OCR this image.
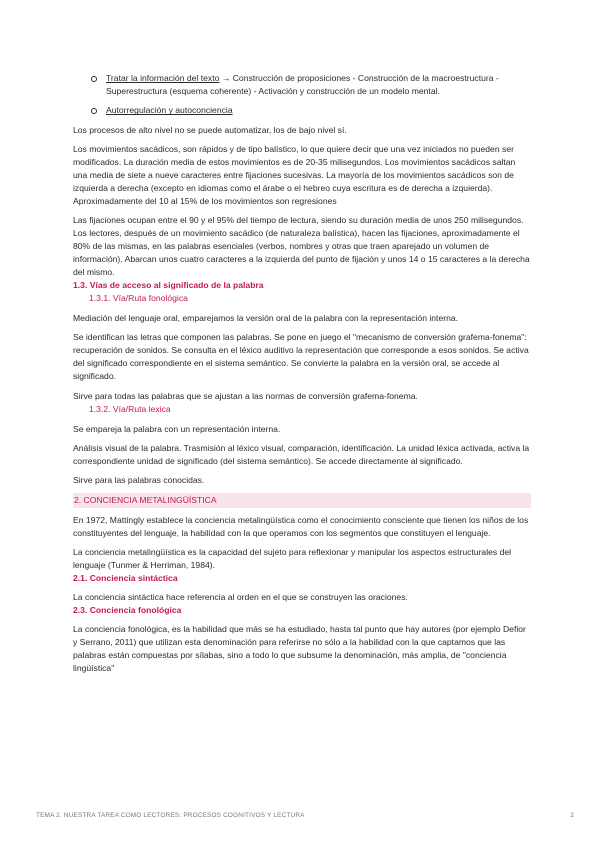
Tratar la información del texto → Construcción de proposiciones - Construcción de la macroestructura - Superestructura (esquema coherente) - Activación y construcción de un modelo mental.
Autorregulación y autoconciencia

Los procesos de alto nivel no se puede automatizar, los de bajo nivel sí.

Los movimientos sacádicos, son rápidos y de tipo balístico, lo que quiere decir que una vez iniciados no pueden ser modificados. La duración media de estos movimientos es de 20-35 milisegundos. Los movimientos sacádicos saltan una media de siete a nueve caracteres entre fijaciones sucesivas. La mayoría de los movimientos sacádicos son de izquierda a derecha (excepto en idiomas como el árabe o el hebreo cuya escritura es de derecha a izquierda). Aproximadamente del 10 al 15% de los movimientos son regresiones

Las fijaciones ocupan entre el 90 y el 95% del tiempo de lectura, siendo su duración media de unos 250 milisegundos. Los lectores, después de un movimiento sacádico (de naturaleza balística), hacen las fijaciones, aproximadamente el 80% de las mismas, en las palabras esenciales (verbos, nombres y otras que traen aparejado un volumen de información). Abarcan unos cuatro caracteres a la izquierda del punto de fijación y unos 14 o 15 caracteres a la derecha del mismo.

1.3. Vías de acceso al significado de la palabra
1.3.1. Vía/Ruta fonológica

Mediación del lenguaje oral, emparejamos la versión oral de la palabra con la representación interna.

Se identifican las letras que componen las palabras. Se pone en juego el "mecanismo de conversión grafema-fonema": recuperación de sonidos. Se consulta en el léxico auditivo la representación que corresponde a esos sonidos. Se activa del significado correspondiente en el sistema semántico. Se convierte la palabra en la versión oral, se accede al significado.

Sirve para todas las palabras que se ajustan a las normas de conversión grafema-fonema.

1.3.2. Vía/Ruta lexica

Se empareja la palabra con un representación interna.

Análisis visual de la palabra. Trasmisión al léxico visual, comparación, identificación. La unidad léxica activada, activa la correspondiente unidad de significado (del sistema semántico). Se accede directamente al significado.

Sirve para las palabras conocidas.

2. CONCIENCIA METALINGÜÍSTICA

En 1972, Mattingly establece la conciencia metalingüística como el conocimiento consciente que tienen los niños de los constituyentes del lenguaje, la habilidad con la que operamos con los segmentos que constituyen el lenguaje.

La conciencia metalingüística es la capacidad del sujeto para reflexionar y manipular los aspectos estructurales del lenguaje (Tunmer & Herriman, 1984).

2.1. Conciencia sintáctica

La conciencia sintáctica hace referencia al orden en el que se construyen las oraciones.

2.3. Conciencia fonológica

La conciencia fonológica, es la habilidad que más se ha estudiado, hasta tal punto que hay autores (por ejemplo Defior y Serrano, 2011) que utilizan esta denominación para referirse no sólo a la habilidad con la que captamos que las palabras están compuestas por sílabas, sino a todo lo que subsume la denominación, más amplia, de "conciencia

lingüística"

TEMA 2. NUESTRA TAREA COMO LECTORES: PROCESOS COGNITIVOS Y LECTURA	2
